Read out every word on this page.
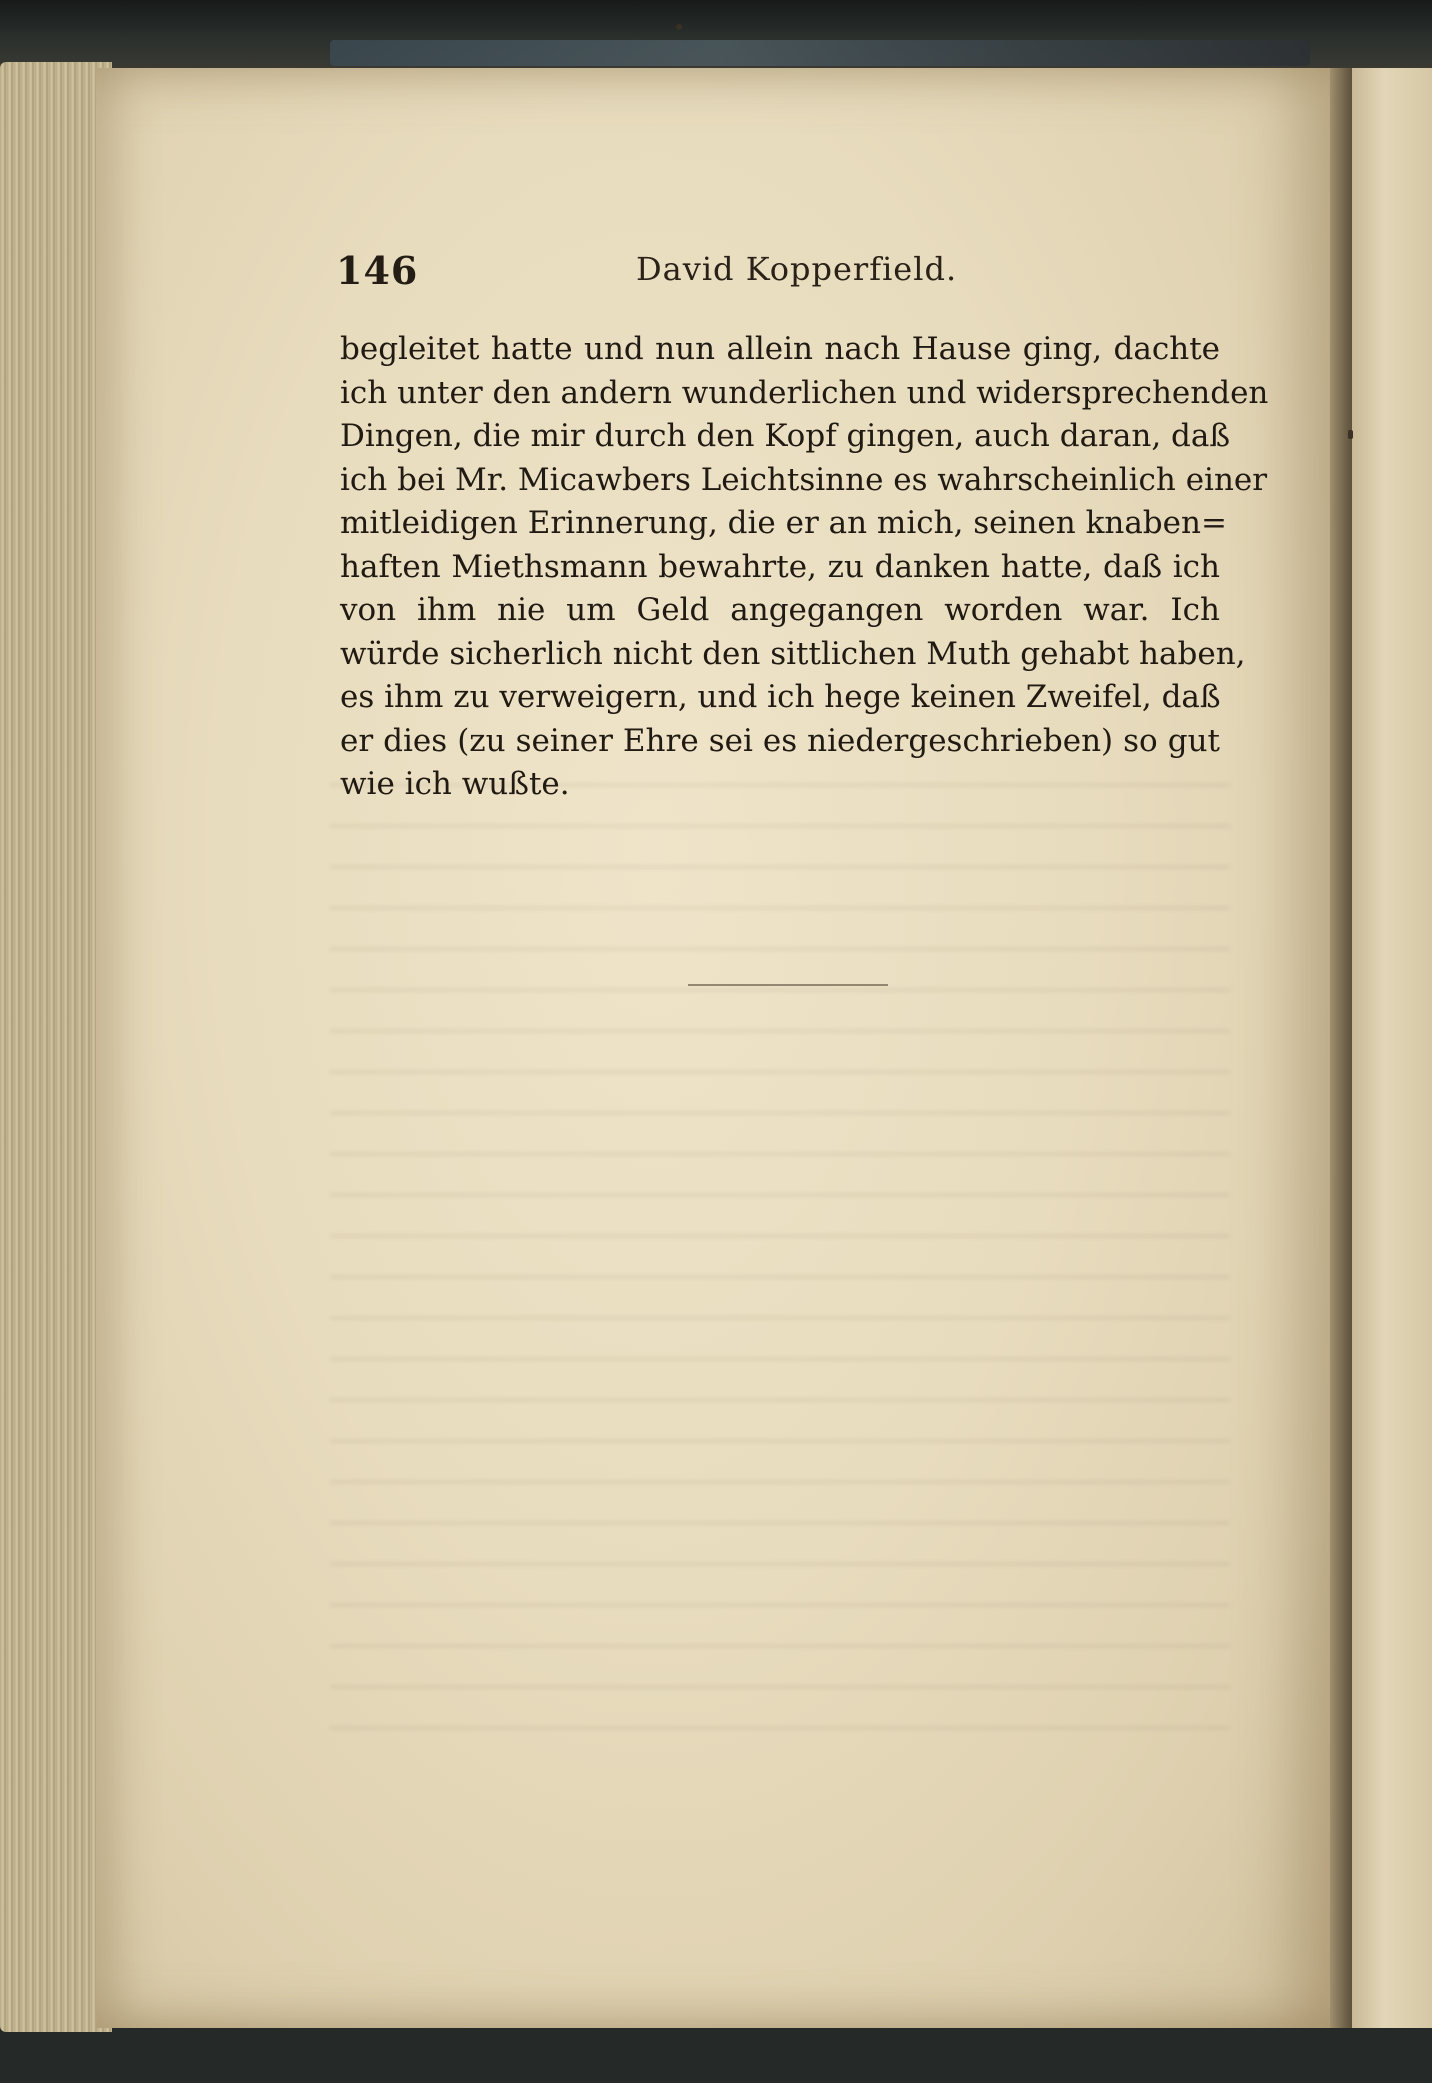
146	David Kopperfield.
begleitet hatte und nun allein nach Hause ging, dachte
ich unter den andern wunderlichen und widersprechenden
Dingen, die mir durch den Kopf gingen, auch daran, daß
ich bei Mr. Micawbers Leichtsinne es wahrscheinlich einer
mitleidigen Erinnerung, die er an mich, seinen knaben=
haften Miethsmann bewahrte, zu danken hatte, daß ich
von ihm nie um Geld angegangen worden war. Ich
würde sicherlich nicht den sittlichen Muth gehabt haben,
es ihm zu verweigern, und ich hege keinen Zweifel, daß
er dies (zu seiner Ehre sei es niedergeschrieben) so gut
wie ich wußte.
